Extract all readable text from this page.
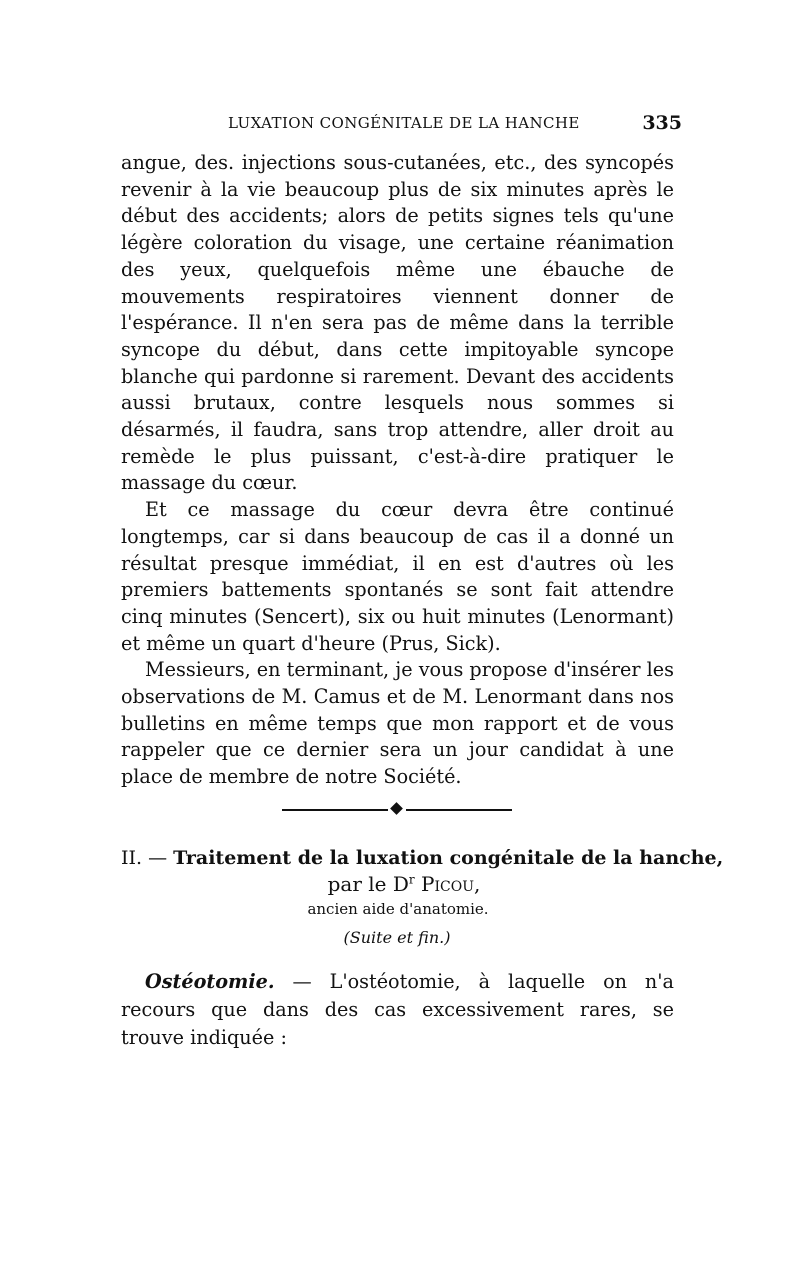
LUXATION CONGÉNITALE DE LA HANCHE	335

angue, des. injections sous-cutanées, etc., des syncopés revenir à la vie beaucoup plus de six minutes après le début des accidents; alors de petits signes tels qu'une légère coloration du visage, une certaine réanimation des yeux, quelquefois même une ébauche de mouvements respiratoires viennent donner de l'espérance. Il n'en sera pas de même dans la terrible syncope du début, dans cette impitoyable syncope blanche qui pardonne si rarement. Devant des accidents aussi brutaux, contre lesquels nous sommes si désarmés, il faudra, sans trop attendre, aller droit au remède le plus puissant, c'est-à-dire pratiquer le massage du cœur.

Et ce massage du cœur devra être continué longtemps, car si dans beaucoup de cas il a donné un résultat presque immédiat, il en est d'autres où les premiers battements spontanés se sont fait attendre cinq minutes (Sencert), six ou huit minutes (Lenormant) et même un quart d'heure (Prus, Sick).

Messieurs, en terminant, je vous propose d'insérer les observations de M. Camus et de M. Lenormant dans nos bulletins en même temps que mon rapport et de vous rappeler que ce dernier sera un jour candidat à une place de membre de notre Société.

II. — Traitement de la luxation congénitale de la hanche,
par le $D^r$ Picou,
ancien aide d'anatomie.
(Suite et fin.)

Ostéotomie. — L'ostéotomie, à laquelle on n'a recours que dans des cas excessivement rares, se trouve indiquée :
